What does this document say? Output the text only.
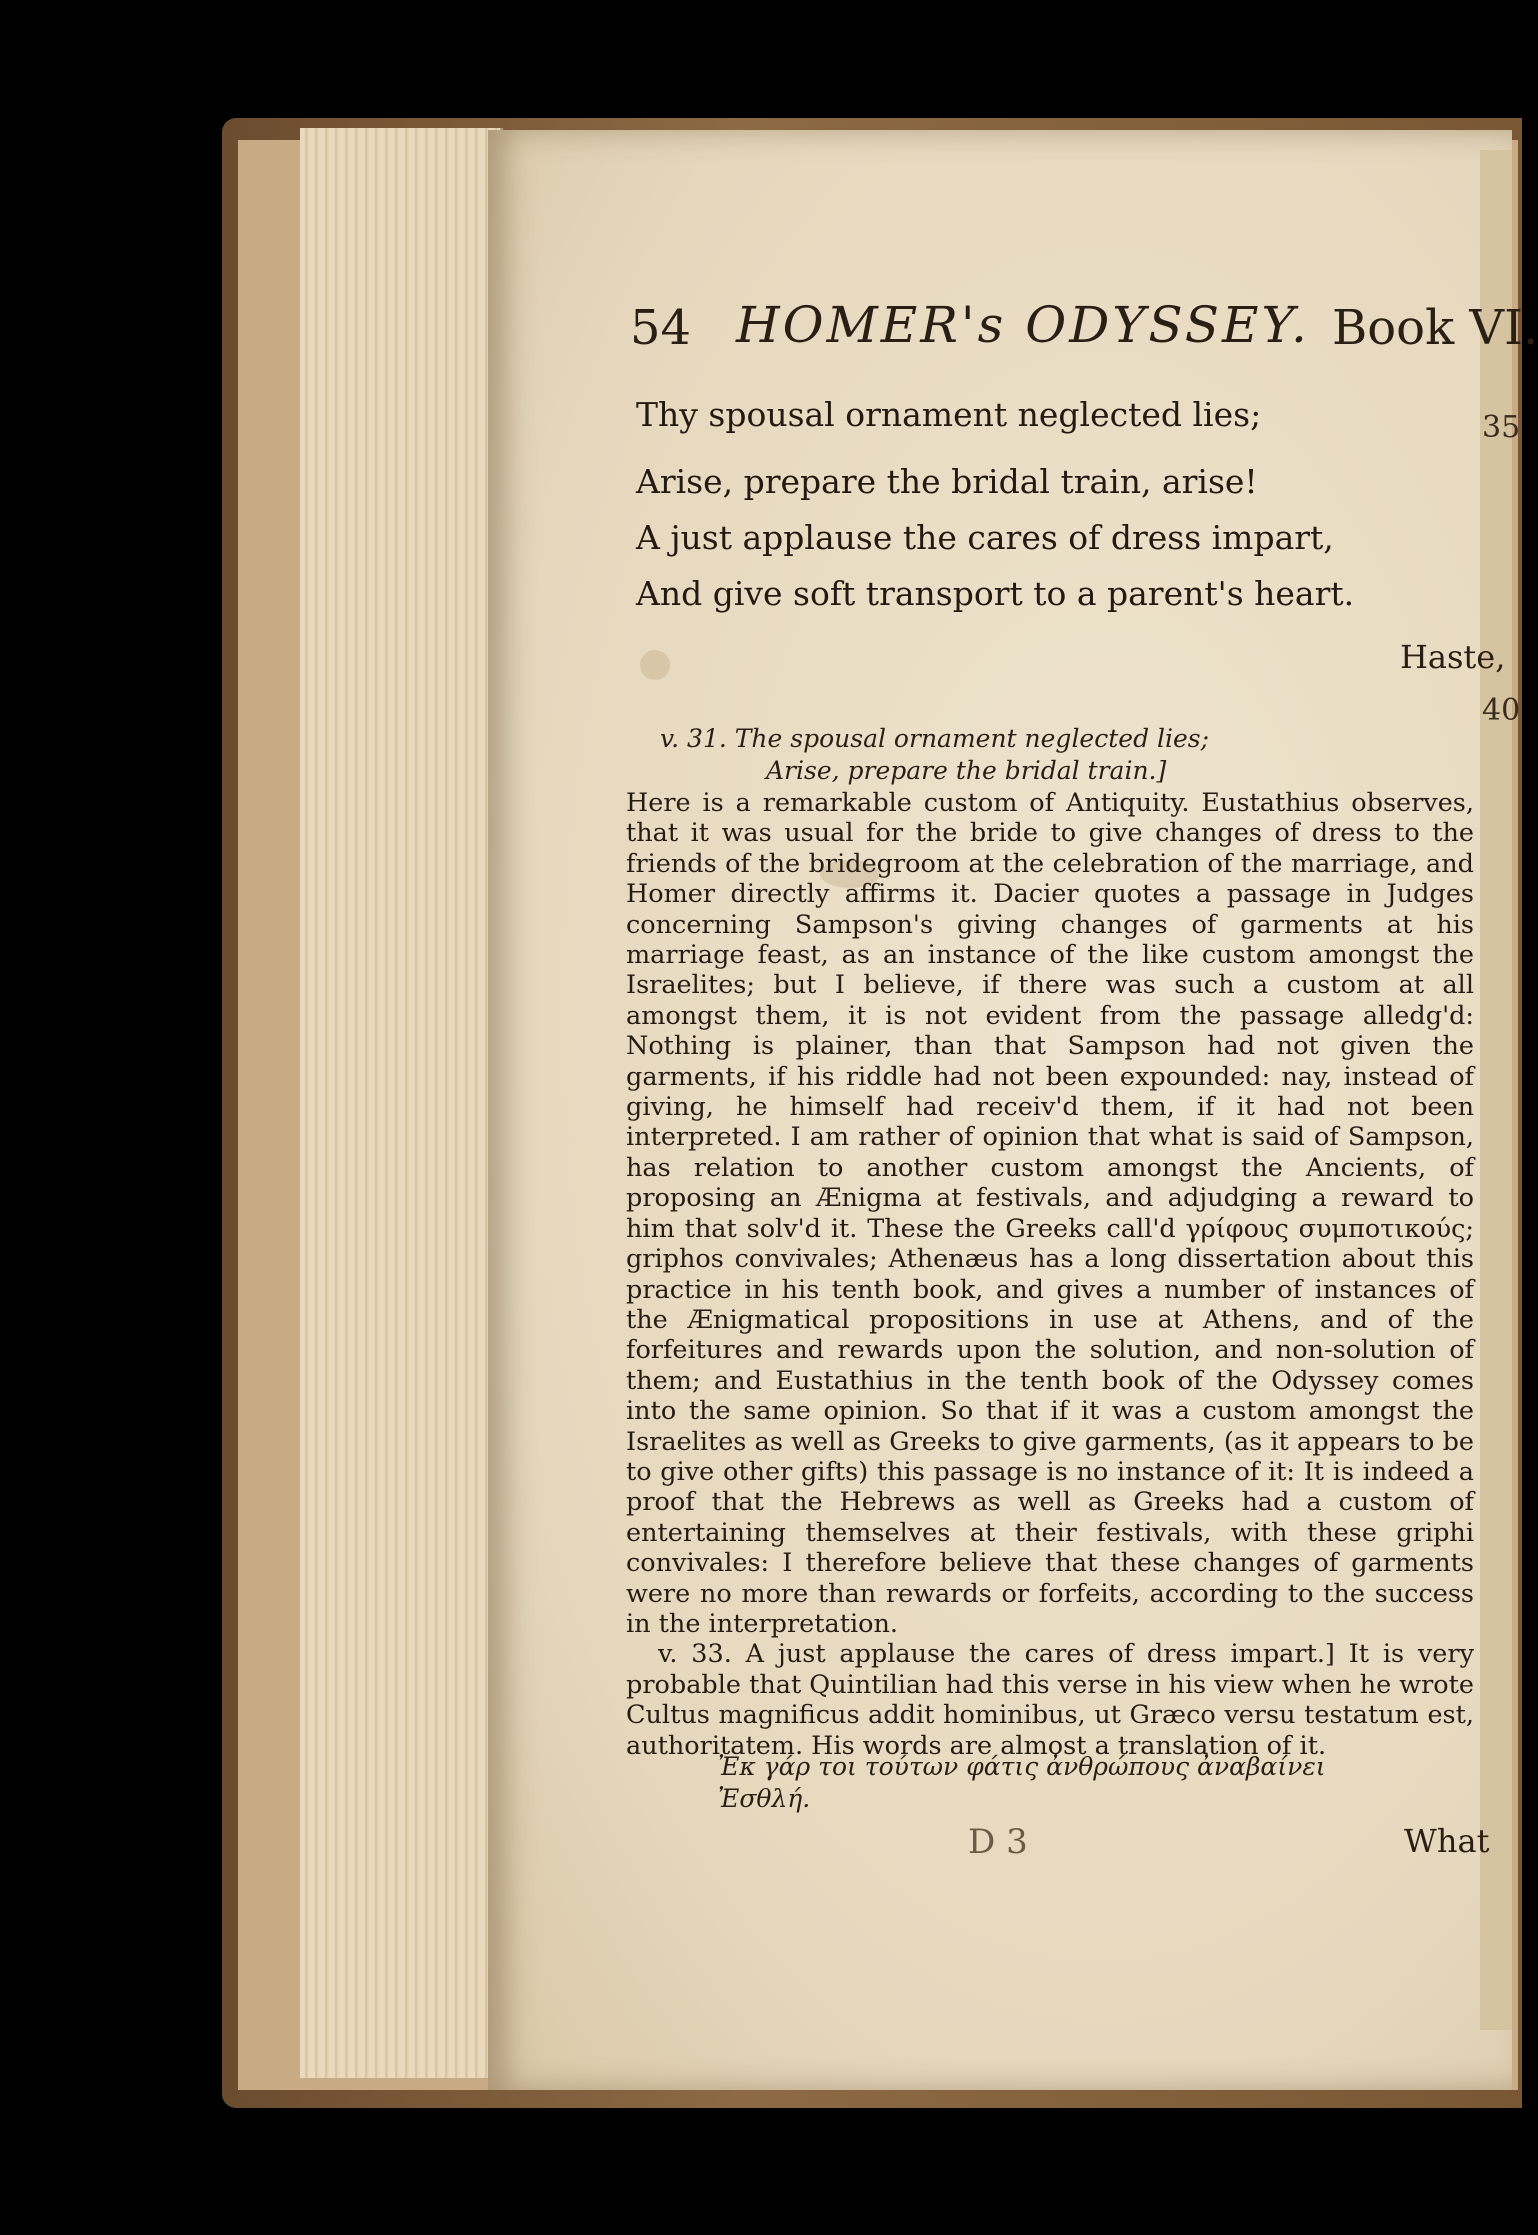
54 HOMER's ODYSSEY. Book VI.
Thy spousal ornament neglected lies;
Arise, prepare the bridal train, arise!
A just applause the cares of dress impart,
And give soft transport to a parent's heart.
Haste,
35
40
v. 31. The spousal ornament neglected lies;
Arise, prepare the bridal train.]

Here is a remarkable custom of Antiquity. Eustathius observes, that it was usual for the bride to give changes of dress to the friends of the bridegroom at the celebration of the marriage, and Homer directly affirms it. Dacier quotes a passage in Judges concerning Sampson's giving changes of garments at his marriage feast, as an instance of the like custom amongst the Israelites; but I believe, if there was such a custom at all amongst them, it is not evident from the passage alledg'd: Nothing is plainer, than that Sampson had not given the garments, if his riddle had not been expounded: nay, instead of giving, he himself had receiv'd them, if it had not been interpreted. I am rather of opinion that what is said of Sampson, has relation to another custom amongst the Ancients, of proposing an Ænigma at festivals, and adjudging a reward to him that solv'd it. These the Greeks call'd γρίφους συμποτικούς; griphos convivales; Athenæus has a long dissertation about this practice in his tenth book, and gives a number of instances of the Ænigmatical propositions in use at Athens, and of the forfeitures and rewards upon the solution, and non-solution of them; and Eustathius in the tenth book of the Odyssey comes into the same opinion. So that if it was a custom amongst the Israelites as well as Greeks to give garments, (as it appears to be to give other gifts) this passage is no instance of it: It is indeed a proof that the Hebrews as well as Greeks had a custom of entertaining themselves at their festivals, with these griphi convivales: I therefore believe that these changes of garments were no more than rewards or forfeits, according to the success in the interpretation.

v. 33. A just applause the cares of dress impart.] It is very probable that Quintilian had this verse in his view when he wrote Cultus magnificus addit hominibus, ut Græco versu testatum est, authoritatem. His words are almost a translation of it.

Ἐκ γάρ τοι τούτων φάτις ἀνθρώπους ἀναβαίνει
Ἐσθλή.
D 3	What
